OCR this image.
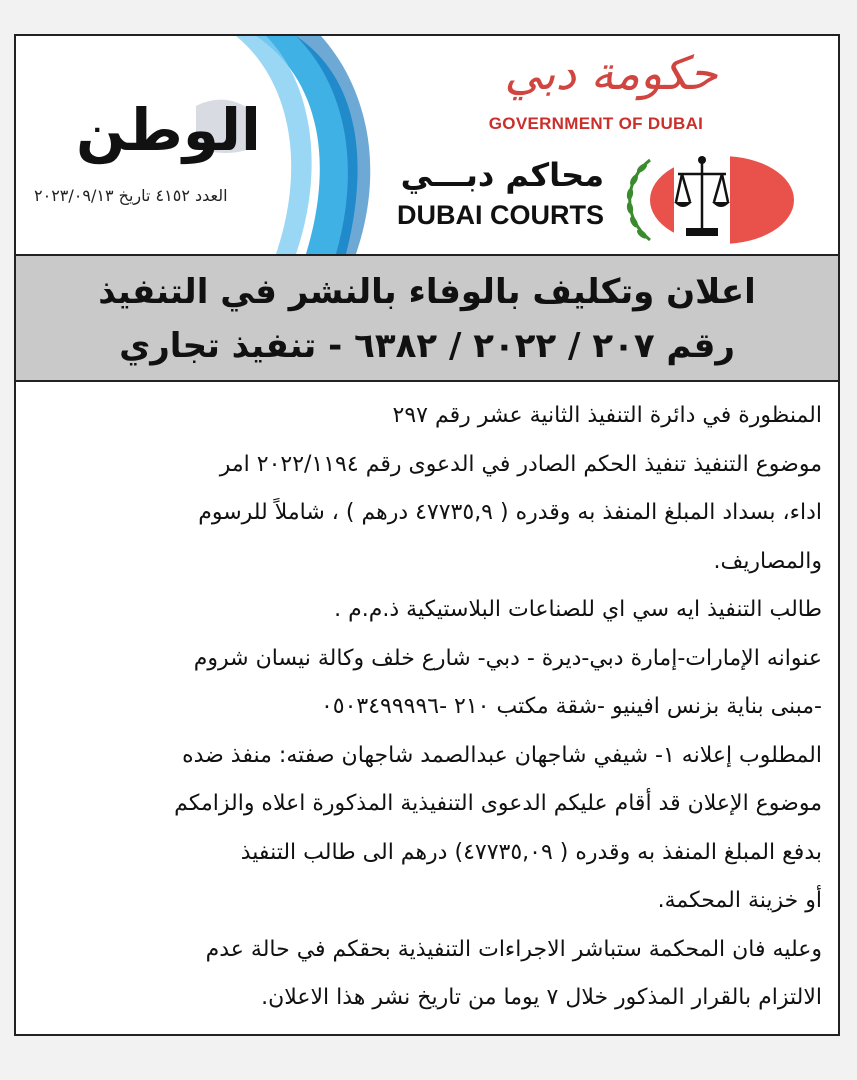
الوطن
العدد ٤١٥٢ تاريخ ٢٠٢٣/٠٩/١٣
حكومة دبي
GOVERNMENT OF DUBAI
محاكم دبـــي
DUBAI COURTS
اعلان وتكليف بالوفاء بالنشر في التنفيذ
رقم ٢٠٧ / ٢٠٢٢ / ٦٣٨٢ - تنفيذ تجاري

المنظورة في دائرة التنفيذ الثانية عشر رقم ٢٩٧

موضوع التنفيذ تنفيذ الحكم الصادر في الدعوى رقم ٢٠٢٢/١١٩٤ امر

اداء، بسداد المبلغ المنفذ به وقدره ( ٤٧٧٣٥,٩ درهم ) ، شاملاً للرسوم

والمصاريف.

طالب التنفيذ ايه سي اي للصناعات البلاستيكية ذ.م.م .

عنوانه الإمارات-إمارة دبي-ديرة - دبي- شارع خلف وكالة نيسان شروم

-مبنى بناية بزنس افينيو -شقة مكتب ٢١٠ -٠٥٠٣٤٩٩٩٩٦

المطلوب إعلانه ١- شيفي شاجهان عبدالصمد شاجهان صفته: منفذ ضده

موضوع الإعلان قد أقام عليكم الدعوى التنفيذية المذكورة اعلاه والزامكم

بدفع المبلغ المنفذ به وقدره ( ٤٧٧٣٥,٠٩) درهم الى طالب التنفيذ

أو خزينة المحكمة.

وعليه فان المحكمة ستباشر الاجراءات التنفيذية بحقكم في حالة عدم

الالتزام بالقرار المذكور خلال ٧ يوما من تاريخ نشر هذا الاعلان.
